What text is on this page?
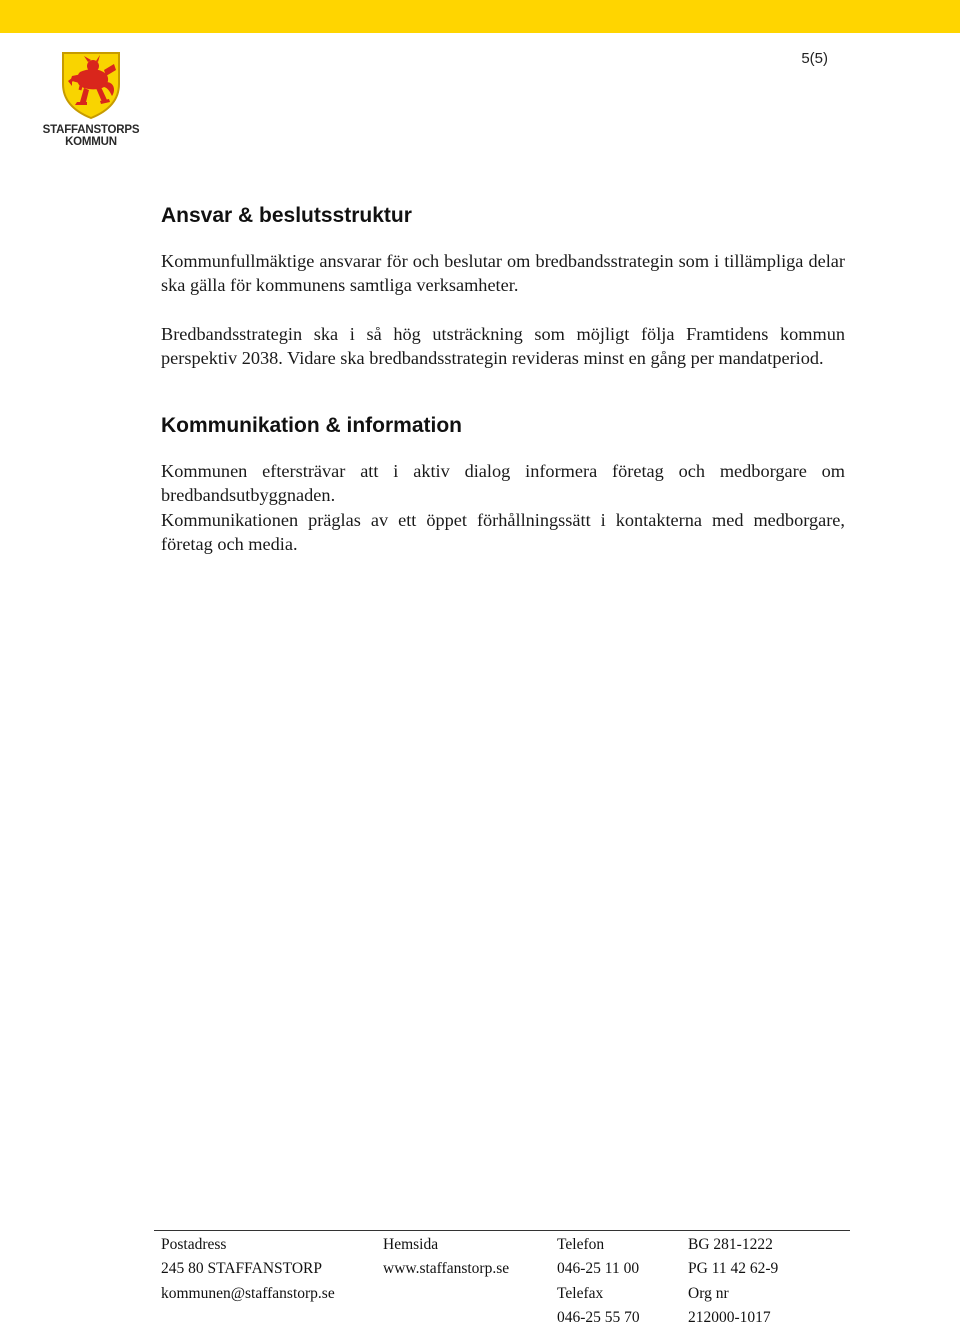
5(5)
STAFFANSTORPS
KOMMUN
Ansvar & beslutsstruktur

Kommunfullmäktige ansvarar för och beslutar om bredbandsstrategin som i tillämpliga delar ska gälla för kommunens samtliga verksamheter.

Bredbandsstrategin ska i så hög utsträckning som möjligt följa Framtidens kommun perspektiv 2038. Vidare ska bredbandsstrategin revideras minst en gång per mandatperiod.

Kommunikation & information

Kommunen eftersträvar att i aktiv dialog informera företag och medborgare om bredbandsutbyggnaden.

Kommunikationen präglas av ett öppet förhållningssätt i kontakterna med medborgare, företag och media.

Postadress
245 80 STAFFANSTORP
kommunen@staffanstorp.se
Hemsida
www.staffanstorp.se
Telefon
046-25 11 00
Telefax
046-25 55 70
BG 281-1222
PG 11 42 62-9
Org nr
212000-1017
